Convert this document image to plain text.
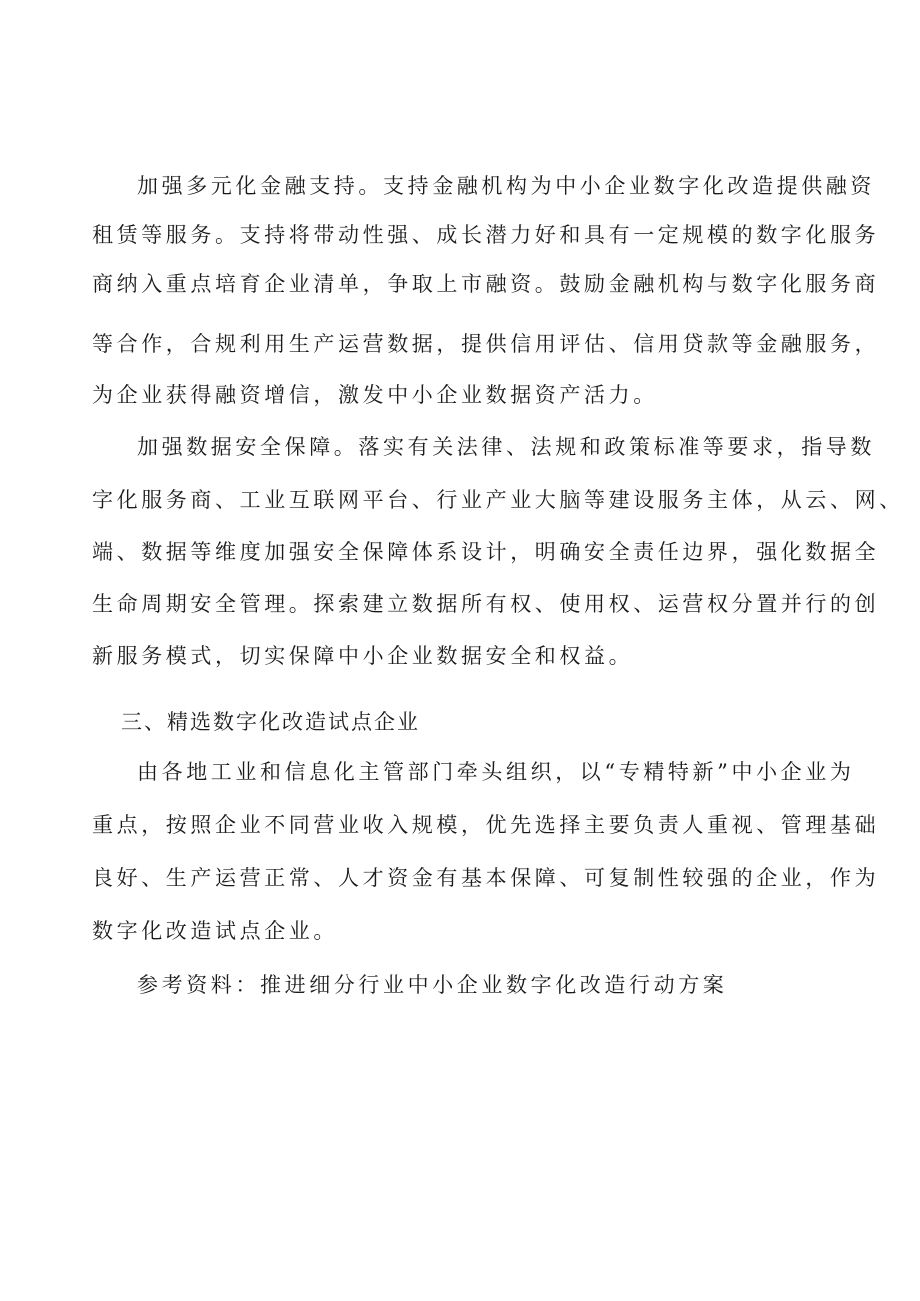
加强多元化金融支持。支持金融机构为中小企业数字化改造提供融资
租赁等服务。支持将带动性强、成长潜力好和具有一定规模的数字化服务
商纳入重点培育企业清单，争取上市融资。鼓励金融机构与数字化服务商
等合作，合规利用生产运营数据，提供信用评估、信用贷款等金融服务，
为企业获得融资增信，激发中小企业数据资产活力。
加强数据安全保障。落实有关法律、法规和政策标准等要求，指导数
字化服务商、工业互联网平台、行业产业大脑等建设服务主体，从云、网、
端、数据等维度加强安全保障体系设计，明确安全责任边界，强化数据全
生命周期安全管理。探索建立数据所有权、使用权、运营权分置并行的创
新服务模式，切实保障中小企业数据安全和权益。
三、精选数字化改造试点企业
由各地工业和信息化主管部门牵头组织，以“专精特新”中小企业为
重点，按照企业不同营业收入规模，优先选择主要负责人重视、管理基础
良好、生产运营正常、人才资金有基本保障、可复制性较强的企业，作为
数字化改造试点企业。
参考资料：推进细分行业中小企业数字化改造行动方案
